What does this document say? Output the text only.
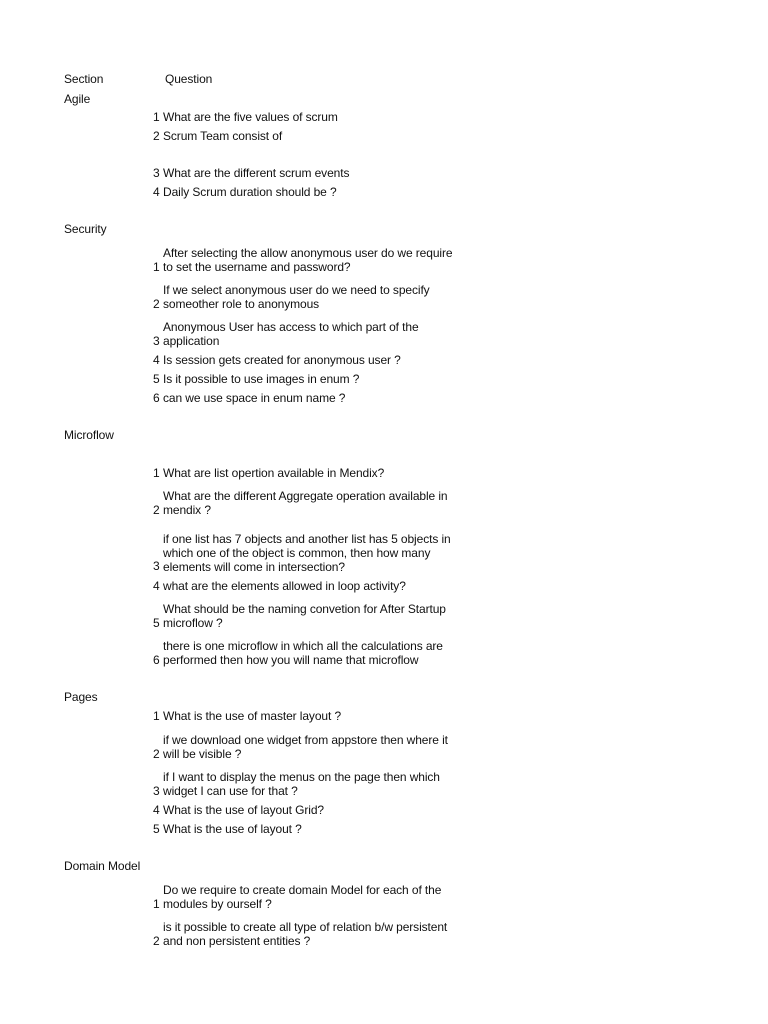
Section	Question
Agile
1 What are the five values of scrum
2 Scrum Team consist of
3 What are the different scrum events
4 Daily Scrum duration should be ?
Security
1
After selecting the allow anonymous user do we require
to set the username and password?
2
If we select anonymous user do we need to specify
someother role to anonymous
3
Anonymous User has access to which part of the
application
4 Is session gets created for anonymous user ?
5 Is it possible to use images in enum ?
6 can we use space in enum name ?
Microflow
1 What are list opertion available in Mendix?
2
What are the different Aggregate operation available in
mendix ?
3
if one list has 7 objects and another list has 5 objects in
which one of the object is common, then how many
elements will come in intersection?
4 what are the elements allowed in loop activity?
5
What should be the naming convetion for After Startup
microflow ?
6
there is one microflow in which all the calculations are
performed then how you will name that microflow
Pages
1 What is the use of master layout ?
2
if we download one widget from appstore then where it
will be visible ?
3
if I want to display the menus on the page then which
widget I can use for that ?
4 What is the use of layout Grid?
5 What is the use of layout ?
Domain Model
1
Do we require to create domain Model for each of the
modules by ourself ?
2
is it possible to create all type of relation b/w persistent
and non persistent entities ?
